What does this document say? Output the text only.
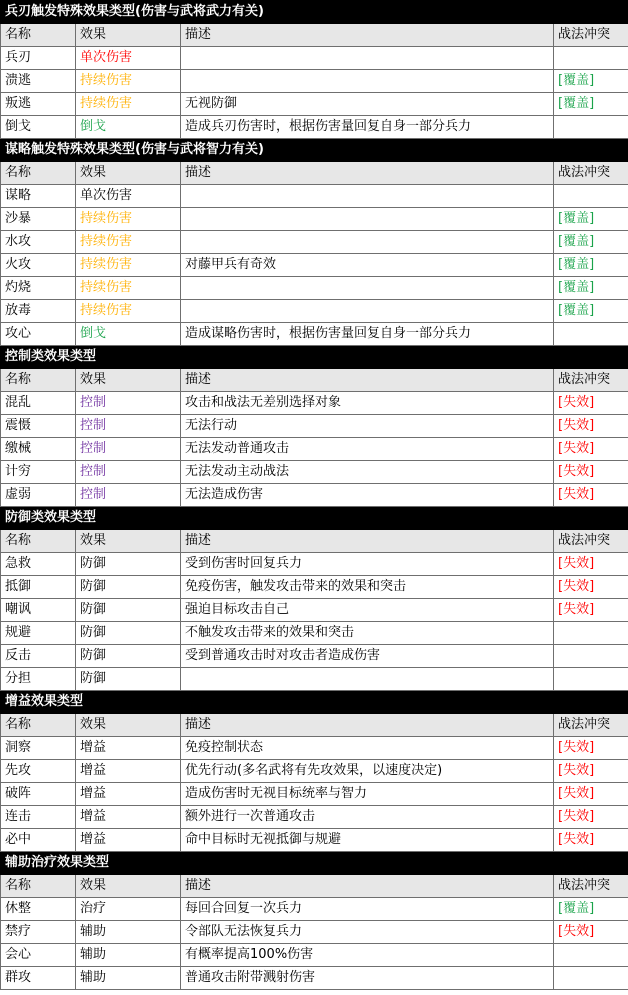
兵刃触发特殊效果类型(伤害与武将武力有关)			
名称	效果	描述	战法冲突
兵刃	单次伤害		
溃逃	持续伤害		[覆盖]
叛逃	持续伤害	无视防御	[覆盖]
倒戈	倒戈	造成兵刃伤害时，根据伤害量回复自身一部分兵力	
谋略触发特殊效果类型(伤害与武将智力有关)			
名称	效果	描述	战法冲突
谋略	单次伤害		
沙暴	持续伤害		[覆盖]
水攻	持续伤害		[覆盖]
火攻	持续伤害	对藤甲兵有奇效	[覆盖]
灼烧	持续伤害		[覆盖]
放毒	持续伤害		[覆盖]
攻心	倒戈	造成谋略伤害时，根据伤害量回复自身一部分兵力	
控制类效果类型			
名称	效果	描述	战法冲突
混乱	控制	攻击和战法无差别选择对象	[失效]
震慑	控制	无法行动	[失效]
缴械	控制	无法发动普通攻击	[失效]
计穷	控制	无法发动主动战法	[失效]
虚弱	控制	无法造成伤害	[失效]
防御类效果类型			
名称	效果	描述	战法冲突
急救	防御	受到伤害时回复兵力	[失效]
抵御	防御	免疫伤害，触发攻击带来的效果和突击	[失效]
嘲讽	防御	强迫目标攻击自己	[失效]
规避	防御	不触发攻击带来的效果和突击	
反击	防御	受到普通攻击时对攻击者造成伤害	
分担	防御		
增益效果类型			
名称	效果	描述	战法冲突
洞察	增益	免疫控制状态	[失效]
先攻	增益	优先行动(多名武将有先攻效果，以速度决定)	[失效]
破阵	增益	造成伤害时无视目标统率与智力	[失效]
连击	增益	额外进行一次普通攻击	[失效]
必中	增益	命中目标时无视抵御与规避	[失效]
辅助治疗效果类型			
名称	效果	描述	战法冲突
休整	治疗	每回合回复一次兵力	[覆盖]
禁疗	辅助	令部队无法恢复兵力	[失效]
会心	辅助	有概率提高100%伤害	
群攻	辅助	普通攻击附带溅射伤害	
